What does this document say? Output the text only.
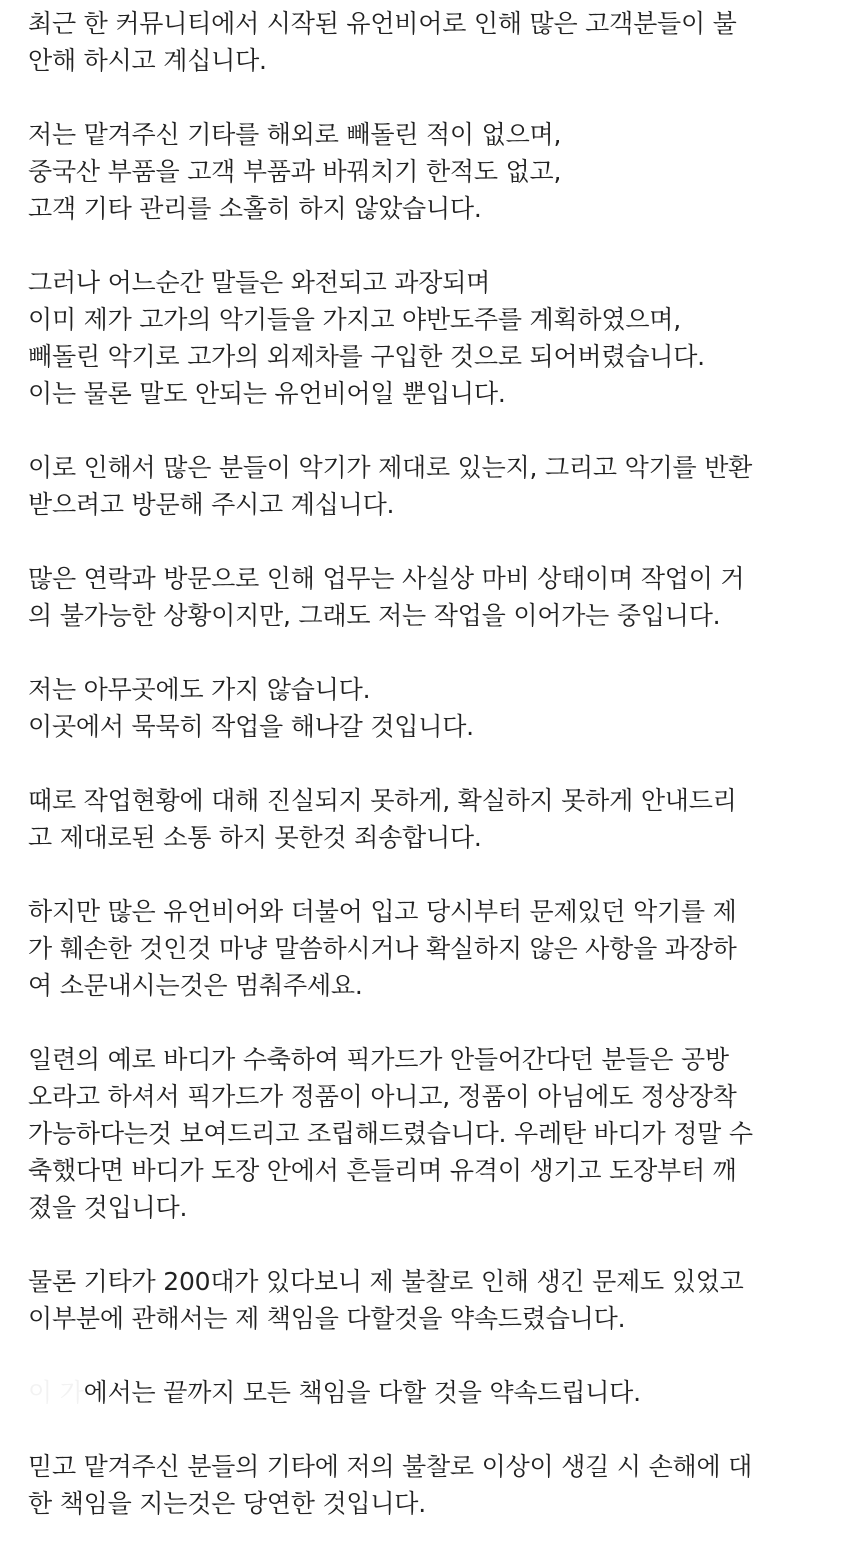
최근 한 커뮤니티에서 시작된 유언비어로 인해 많은 고객분들이 불
안해 하시고 계십니다.
저는 맡겨주신 기타를 해외로 빼돌린 적이 없으며,
중국산 부품을 고객 부품과 바꿔치기 한적도 없고,
고객 기타 관리를 소홀히 하지 않았습니다.
그러나 어느순간 말들은 와전되고 과장되며
이미 제가 고가의 악기들을 가지고 야반도주를 계획하였으며,
빼돌린 악기로 고가의 외제차를 구입한 것으로 되어버렸습니다.
이는 물론 말도 안되는 유언비어일 뿐입니다.
이로 인해서 많은 분들이 악기가 제대로 있는지, 그리고 악기를 반환
받으려고 방문해 주시고 계십니다.
많은 연락과 방문으로 인해 업무는 사실상 마비 상태이며 작업이 거
의 불가능한 상황이지만, 그래도 저는 작업을 이어가는 중입니다.
저는 아무곳에도 가지 않습니다.
이곳에서 묵묵히 작업을 해나갈 것입니다.
때로 작업현황에 대해 진실되지 못하게, 확실하지 못하게 안내드리
고 제대로된 소통 하지 못한것 죄송합니다.
하지만 많은 유언비어와 더불어 입고 당시부터 문제있던 악기를 제
가 훼손한 것인것 마냥 말씀하시거나 확실하지 않은 사항을 과장하
여 소문내시는것은 멈춰주세요.
일련의 예로 바디가 수축하여 픽가드가 안들어간다던 분들은 공방
오라고 하셔서 픽가드가 정품이 아니고, 정품이 아님에도 정상장착
가능하다는것 보여드리고 조립해드렸습니다. 우레탄 바디가 정말 수
축했다면 바디가 도장 안에서 흔들리며 유격이 생기고 도장부터 깨
졌을 것입니다.
물론 기타가 200대가 있다보니 제 불찰로 인해 생긴 문제도 있었고
이부분에 관해서는 제 책임을 다할것을 약속드렸습니다.
이 가에서는 끝까지 모든 책임을 다할 것을 약속드립니다.
믿고 맡겨주신 분들의 기타에 저의 불찰로 이상이 생길 시 손해에 대
한 책임을 지는것은 당연한 것입니다.
